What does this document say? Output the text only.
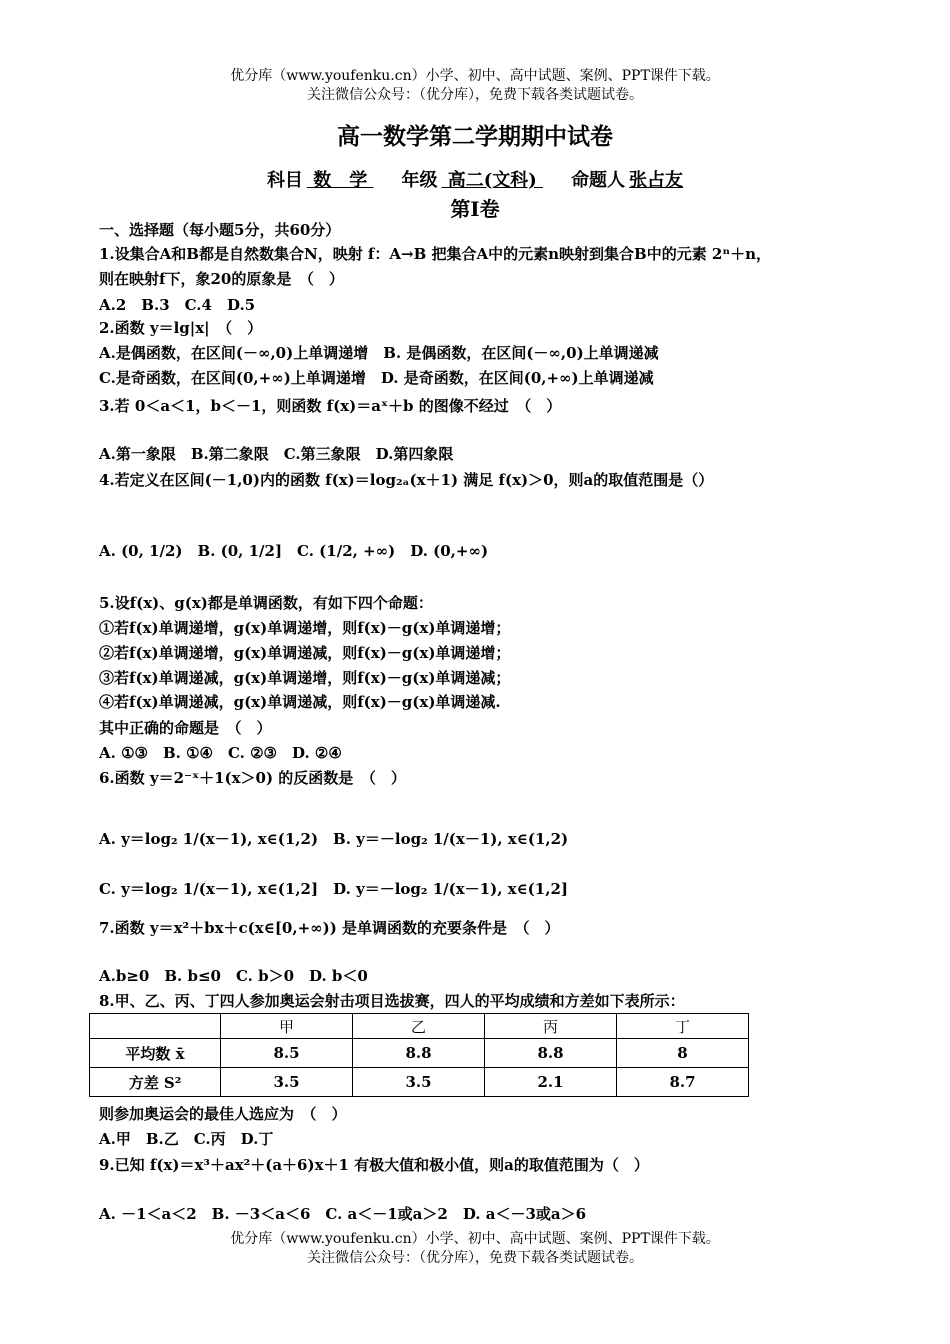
优分库（www.youfenku.cn）小学、初中、高中试题、案例、PPT课件下载。
关注微信公众号：（优分库），免费下载各类试题试卷。
高一数学第二学期期中试卷
科目 数　学 年级 高二(文科) 命题人 张占友
第Ⅰ卷
一、选择题（每小题5分，共60分）
1.设集合A和B都是自然数集合N，映射 f：A→B 把集合A中的元素n映射到集合B中的元素 2ⁿ＋n，
则在映射f下，象20的原象是　（　）
A.2　B.3　C.4　D.5
2.函数 y＝lg|x|　（　）
A.是偶函数，在区间(－∞,0)上单调递增　B. 是偶函数，在区间(－∞,0)上单调递减
C.是奇函数，在区间(0,+∞)上单调递增　D. 是奇函数，在区间(0,+∞)上单调递减
3.若 0＜a＜1，b＜－1，则函数 f(x)＝aˣ＋b 的图像不经过　（　）
A.第一象限　B.第二象限　C.第三象限　D.第四象限
4.若定义在区间(－1,0)内的函数 f(x)＝log₂ₐ(x＋1) 满足 f(x)＞0，则a的取值范围是（）
A. (0, 1/2)　B. (0, 1/2]　C. (1/2, +∞)　D. (0,+∞)
5.设f(x)、g(x)都是单调函数，有如下四个命题：
①若f(x)单调递增，g(x)单调递增，则f(x)－g(x)单调递增；
②若f(x)单调递增，g(x)单调递减，则f(x)－g(x)单调递增；
③若f(x)单调递减，g(x)单调递增，则f(x)－g(x)单调递减；
④若f(x)单调递减，g(x)单调递减，则f(x)－g(x)单调递减.
其中正确的命题是　（　）
A. ①③　B. ①④　C. ②③　D. ②④
6.函数 y＝2⁻ˣ＋1(x＞0) 的反函数是　（　）
A. y＝log₂ 1/(x－1), x∈(1,2)　B. y＝－log₂ 1/(x－1), x∈(1,2)
C. y＝log₂ 1/(x－1), x∈(1,2]　D. y＝－log₂ 1/(x－1), x∈(1,2]
7.函数 y＝x²＋bx＋c(x∈[0,+∞)) 是单调函数的充要条件是　（　）
A.b≥0　B. b≤0　C. b＞0　D. b＜0
8.甲、乙、丙、丁四人参加奥运会射击项目选拔赛，四人的平均成绩和方差如下表所示：
	甲	乙	丙	丁
平均数 x̄	8.5	8.8	8.8	8
方差 S²	3.5	3.5	2.1	8.7
则参加奥运会的最佳人选应为　（　）
A.甲　B.乙　C.丙　D.丁
9.已知 f(x)＝x³＋ax²＋(a＋6)x＋1 有极大值和极小值，则a的取值范围为（　）
A. －1＜a＜2　B. －3＜a＜6　C. a＜－1或a＞2　D. a＜－3或a＞6
优分库（www.youfenku.cn）小学、初中、高中试题、案例、PPT课件下载。
关注微信公众号：（优分库），免费下载各类试题试卷。
